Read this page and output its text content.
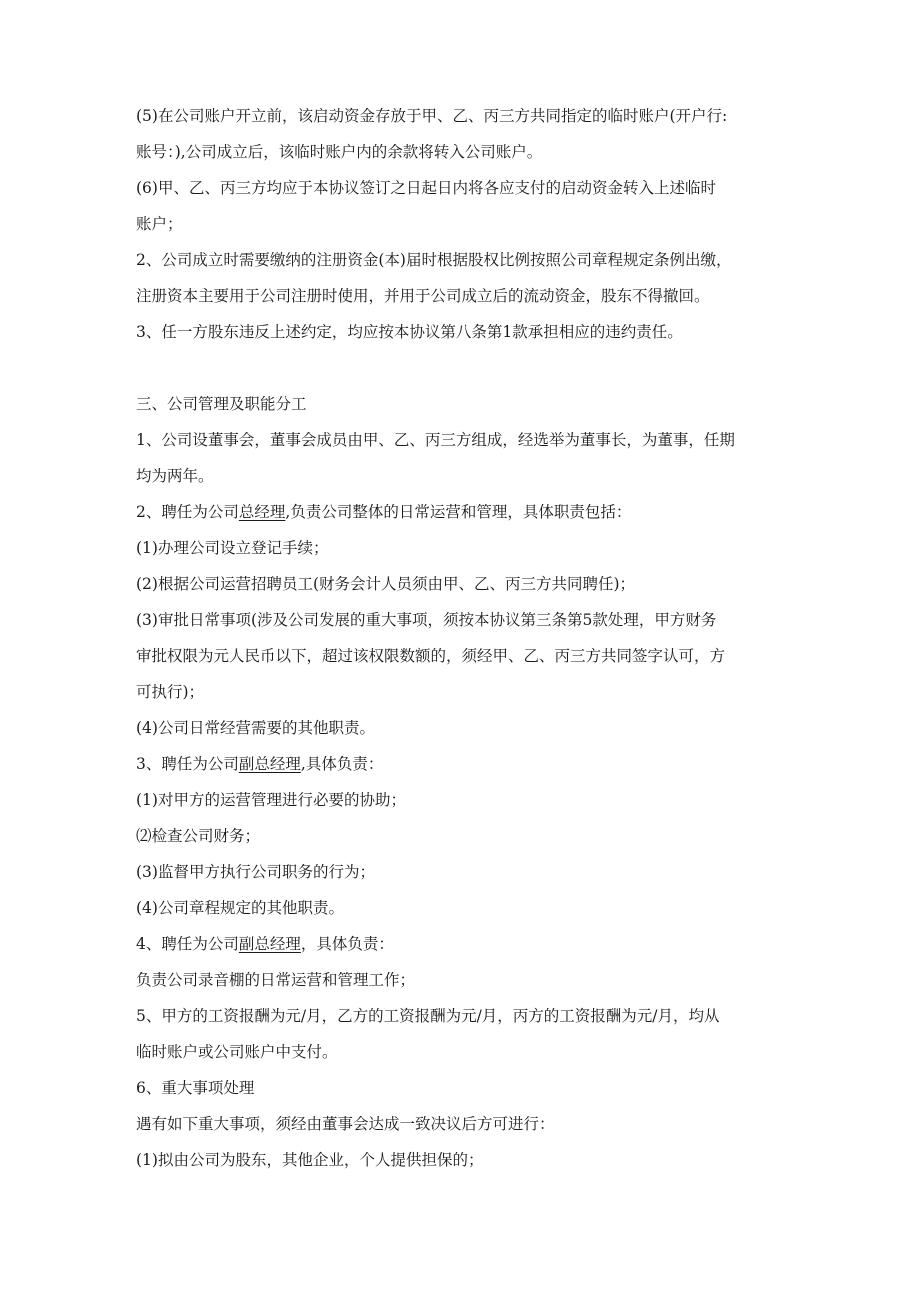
(5)在公司账户开立前，该启动资金存放于甲、乙、丙三方共同指定的临时账户(开户行:
账号：),公司成立后，该临时账户内的余款将转入公司账户。
(6)甲、乙、丙三方均应于本协议签订之日起日内将各应支付的启动资金转入上述临时
账户；
2、公司成立时需要缴纳的注册资金(本)届时根据股权比例按照公司章程规定条例出缴，
注册资本主要用于公司注册时使用，并用于公司成立后的流动资金，股东不得撤回。
3、任一方股东违反上述约定，均应按本协议第八条第1款承担相应的违约责任。
三、公司管理及职能分工
1、公司设董事会，董事会成员由甲、乙、丙三方组成，经选举为董事长，为董事，任期
均为两年。
2、聘任为公司总经理,负责公司整体的日常运营和管理，具体职责包括：
(1)办理公司设立登记手续；
(2)根据公司运营招聘员工(财务会计人员须由甲、乙、丙三方共同聘任)；
(3)审批日常事项(涉及公司发展的重大事项，须按本协议第三条第5款处理，甲方财务
审批权限为元人民币以下，超过该权限数额的，须经甲、乙、丙三方共同签字认可，方
可执行)；
(4)公司日常经营需要的其他职责。
3、聘任为公司副总经理,具体负责：
(1)对甲方的运营管理进行必要的协助；
⑵检查公司财务；
(3)监督甲方执行公司职务的行为；
(4)公司章程规定的其他职责。
4、聘任为公司副总经理，具体负责：
负责公司录音棚的日常运营和管理工作；
5、甲方的工资报酬为元/月，乙方的工资报酬为元/月，丙方的工资报酬为元/月，均从
临时账户或公司账户中支付。
6、重大事项处理
遇有如下重大事项，须经由董事会达成一致决议后方可进行：
(1)拟由公司为股东，其他企业，个人提供担保的；
